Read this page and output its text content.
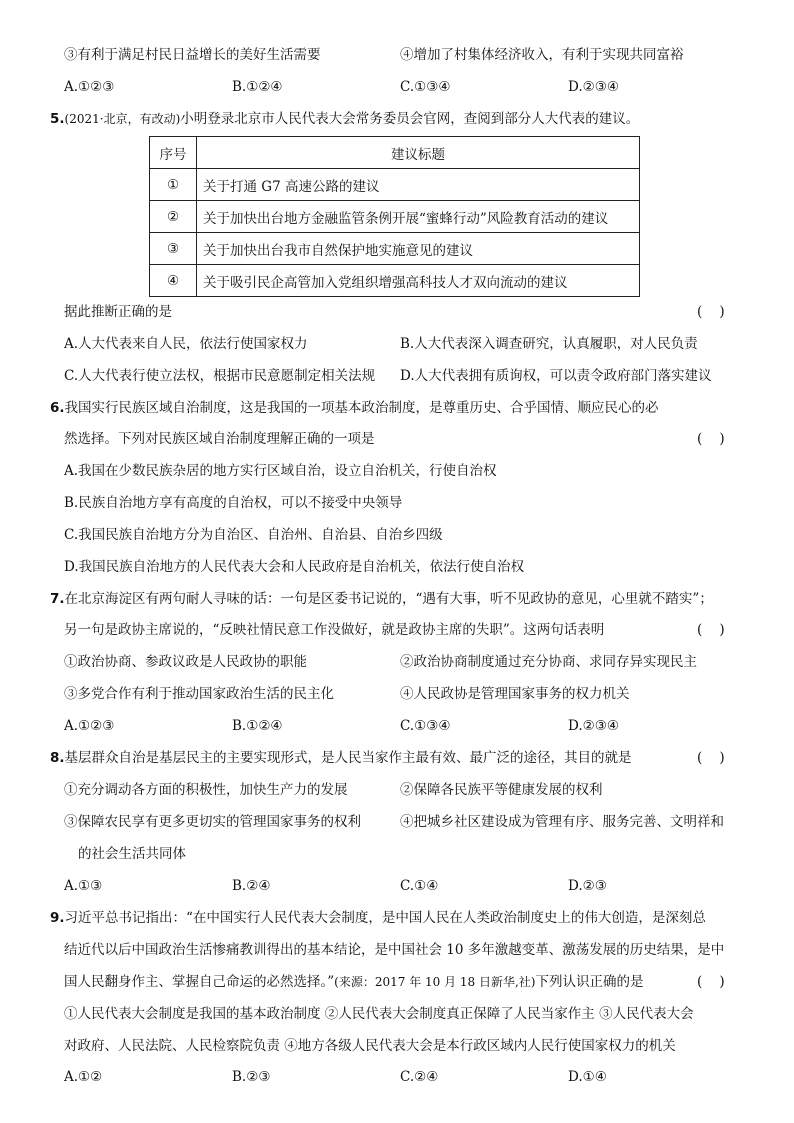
③有利于满足村民日益增长的美好生活需要	④增加了村集体经济收入，有利于实现共同富裕
A.①②③	B.①②④	C.①③④	D.②③④
5.(2021·北京，有改动)小明登录北京市人民代表大会常务委员会官网，查阅到部分人大代表的建议。
序号	建议标题
①	关于打通 G7 高速公路的建议
②	关于加快出台地方金融监管条例开展“蜜蜂行动”风险教育活动的建议
③	关于加快出台我市自然保护地实施意见的建议
④	关于吸引民企高管加入党组织增强高科技人才双向流动的建议
据此推断正确的是	(    )
A.人大代表来自人民，依法行使国家权力	B.人大代表深入调查研究，认真履职，对人民负责
C.人大代表行使立法权，根据市民意愿制定相关法规 D.人大代表拥有质询权，可以责令政府部门落实建议
6.我国实行民族区域自治制度，这是我国的一项基本政治制度，是尊重历史、合乎国情、顺应民心的必
然选择。下列对民族区域自治制度理解正确的一项是	(    )
A.我国在少数民族杂居的地方实行区域自治，设立自治机关，行使自治权
B.民族自治地方享有高度的自治权，可以不接受中央领导
C.我国民族自治地方分为自治区、自治州、自治县、自治乡四级
D.我国民族自治地方的人民代表大会和人民政府是自治机关，依法行使自治权
7.在北京海淀区有两句耐人寻味的话：一句是区委书记说的，“遇有大事，听不见政协的意见，心里就不踏实”；
另一句是政协主席说的，“反映社情民意工作没做好，就是政协主席的失职”。这两句话表明	(    )
①政治协商、参政议政是人民政协的职能	②政治协商制度通过充分协商、求同存异实现民主
③多党合作有利于推动国家政治生活的民主化	④人民政协是管理国家事务的权力机关
A.①②③	B.①②④	C.①③④	D.②③④
8.基层群众自治是基层民主的主要实现形式，是人民当家作主最有效、最广泛的途径，其目的就是	(    )
①充分调动各方面的积极性，加快生产力的发展	②保障各民族平等健康发展的权利
③保障农民享有更多更切实的管理国家事务的权利	④把城乡社区建设成为管理有序、服务完善、文明祥和
的社会生活共同体
A.①③	B.②④	C.①④	D.②③
9.习近平总书记指出：“在中国实行人民代表大会制度，是中国人民在人类政治制度史上的伟大创造，是深刻总
结近代以后中国政治生活惨痛教训得出的基本结论，是中国社会 10 多年激越变革、激荡发展的历史结果，是中
国人民翻身作主、掌握自己命运的必然选择。”(来源：2017 年 10 月 18 日新华,社)下列认识正确的是	(    )
①人民代表大会制度是我国的基本政治制度 ②人民代表大会制度真正保障了人民当家作主 ③人民代表大会
对政府、人民法院、人民检察院负责 ④地方各级人民代表大会是本行政区域内人民行使国家权力的机关
A.①②	B.②③	C.②④	D.①④
